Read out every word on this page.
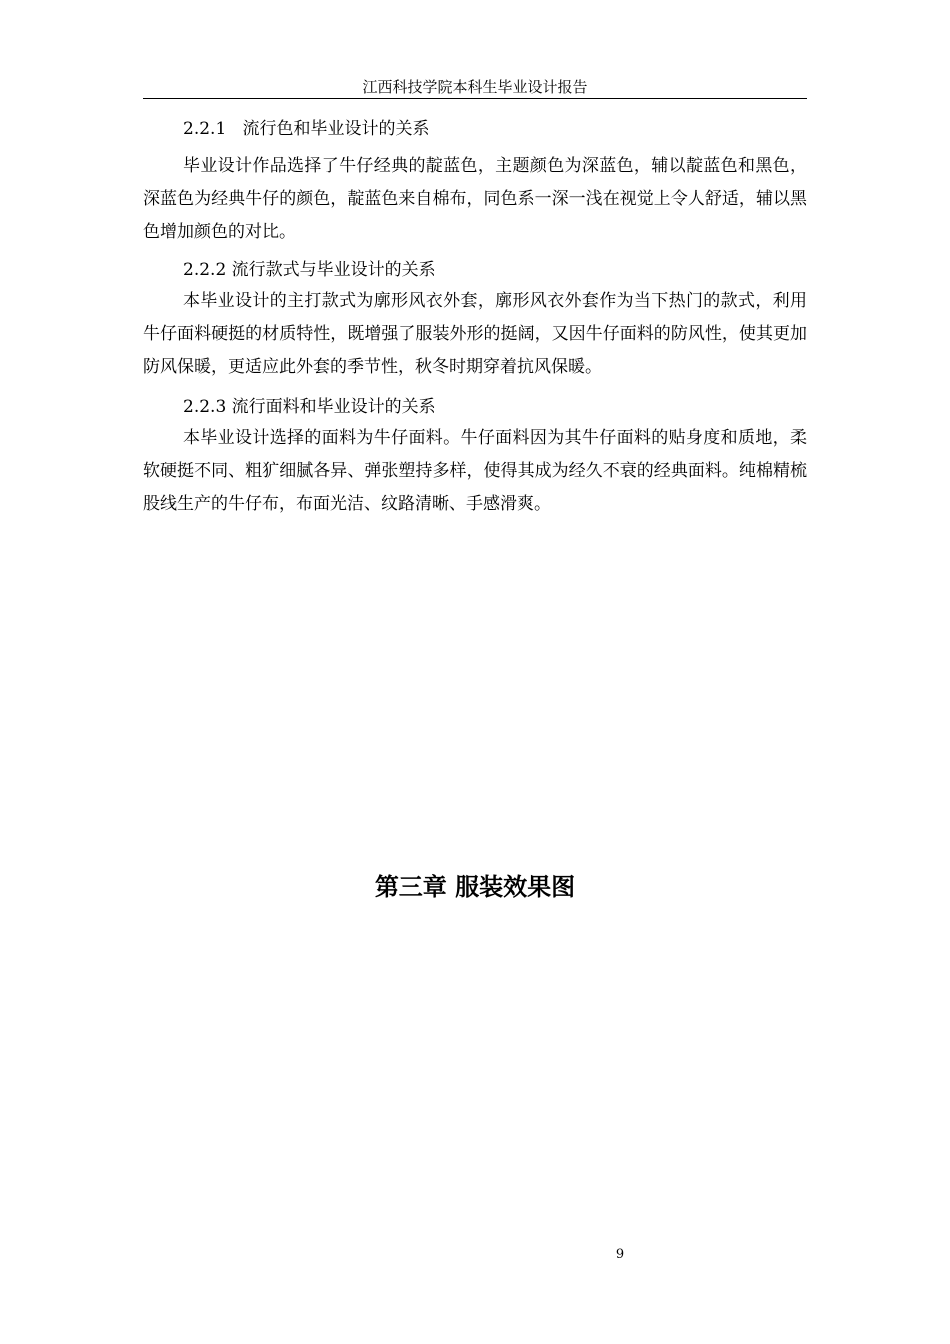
江西科技学院本科生毕业设计报告
2.2.1   流行色和毕业设计的关系

毕业设计作品选择了牛仔经典的靛蓝色，主题颜色为深蓝色，辅以靛蓝色和黑色，深蓝色为经典牛仔的颜色，靛蓝色来自棉布，同色系一深一浅在视觉上令人舒适，辅以黑色增加颜色的对比。

2.2.2 流行款式与毕业设计的关系

本毕业设计的主打款式为廓形风衣外套，廓形风衣外套作为当下热门的款式，利用牛仔面料硬挺的材质特性，既增强了服装外形的挺阔，又因牛仔面料的防风性，使其更加防风保暖，更适应此外套的季节性，秋冬时期穿着抗风保暖。

2.2.3 流行面料和毕业设计的关系

本毕业设计选择的面料为牛仔面料。牛仔面料因为其牛仔面料的贴身度和质地，柔软硬挺不同、粗犷细腻各异、弹张塑持多样，使得其成为经久不衰的经典面料。纯棉精梳股线生产的牛仔布，布面光洁、纹路清晰、手感滑爽。

第三章 服装效果图
9
